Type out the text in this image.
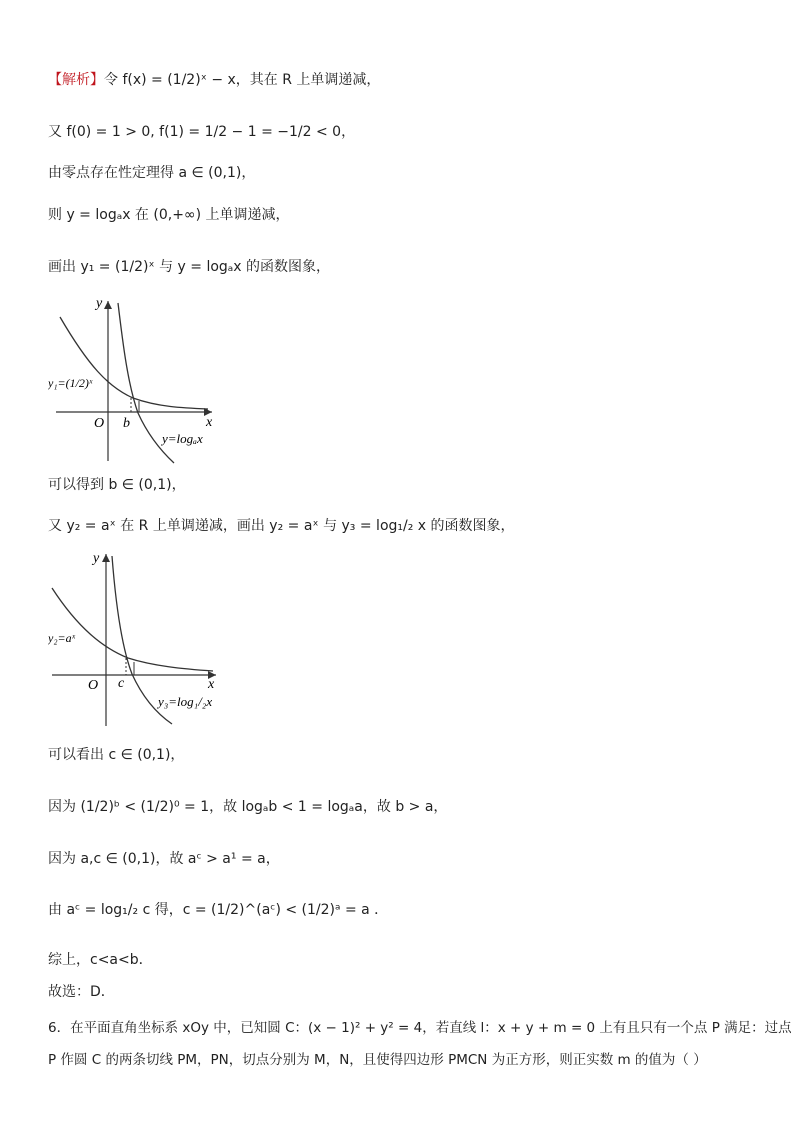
【解析】令 f(x) = (1/2)ˣ − x，其在 R 上单调递减，
又 f(0) = 1 > 0, f(1) = 1/2 − 1 = −1/2 < 0，
由零点存在性定理得 a ∈ (0,1)，
则 y = logₐx 在 (0,+∞) 上单调递减，
画出 y₁ = (1/2)ˣ 与 y = logₐx 的函数图象，
y
x
O b
y₁=(1/2)ˣ
y=logₐx
可以得到 b ∈ (0,1)，
又 y₂ = aˣ 在 R 上单调递减，画出 y₂ = aˣ 与 y₃ = log₁/₂ x 的函数图象，
y
x
O c
y₂=aˣ
y₃=log₁/₂x
可以看出 c ∈ (0,1)，
因为 (1/2)ᵇ < (1/2)⁰ = 1，故 logₐb < 1 = logₐa，故 b > a，
因为 a,c ∈ (0,1)，故 aᶜ > a¹ = a，
由 aᶜ = log₁/₂ c 得，c = (1/2)^(aᶜ) < (1/2)ᵃ = a ．
综上，c<a<b．
故选：D．
6．在平面直角坐标系 xOy 中，已知圆 C：(x − 1)² + y² = 4，若直线 l：x + y + m = 0 上有且只有一个点 P 满足：过点
P 作圆 C 的两条切线 PM，PN，切点分别为 M，N，且使得四边形 PMCN 为正方形，则正实数 m 的值为（ ）
